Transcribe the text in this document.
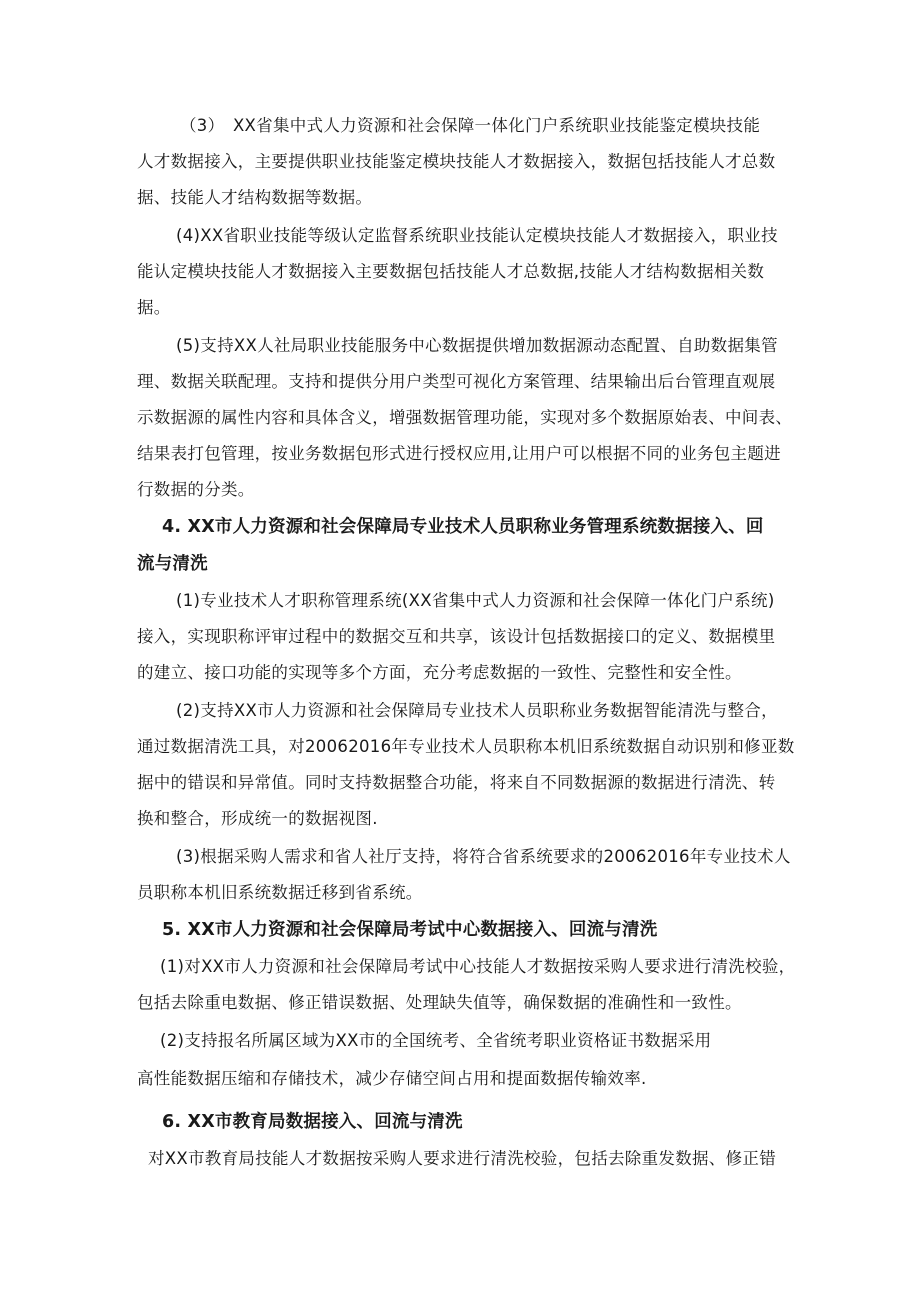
（3）　XX省集中式人力资源和社会保障一体化门户系统职业技能鉴定模块技能
人才数据接入，主要提供职业技能鉴定模块技能人才数据接入，数据包括技能人才总数
据、技能人才结构数据等数据。
(4)XX省职业技能等级认定监督系统职业技能认定模块技能人才数据接入，职业技
能认定模块技能人才数据接入主要数据包括技能人才总数据,技能人才结构数据相关数
据。
(5)支持XX人社局职业技能服务中心数据提供增加数据源动态配置、自助数据集管
理、数据关联配理。支持和提供分用户类型可视化方案管理、结果输出后台管理直观展
示数据源的属性内容和具体含义，增强数据管理功能，实现对多个数据原始表、中间表、
结果表打包管理，按业务数据包形式进行授权应用,让用户可以根据不同的业务包主题进
行数据的分类。
4. XX市人力资源和社会保障局专业技术人员职称业务管理系统数据接入、回
流与清洗
(1)专业技术人才职称管理系统(XX省集中式人力资源和社会保障一体化门户系统)
接入，实现职称评审过程中的数据交互和共享，该设计包括数据接口的定义、数据模里
的建立、接口功能的实现等多个方面，充分考虑数据的一致性、完整性和安全性。
(2)支持XX市人力资源和社会保障局专业技术人员职称业务数据智能清洗与整合，
通过数据清洗工具，对20062016年专业技术人员职称本机旧系统数据自动识别和修亚数
据中的错误和异常值。同时支持数据整合功能，将来自不同数据源的数据进行清洗、转
换和整合，形成统一的数据视图.
(3)根据采购人需求和省人社厅支持，将符合省系统要求的20062016年专业技术人
员职称本机旧系统数据迁移到省系统。
5. XX市人力资源和社会保障局考试中心数据接入、回流与清洗
(1)对XX市人力资源和社会保障局考试中心技能人才数据按采购人要求进行清洗校验，
包括去除重电数据、修正错误数据、处理缺失值等，确保数据的准确性和一致性。
(2)支持报名所属区域为XX市的全国统考、全省统考职业资格证书数据采用
高性能数据压缩和存储技术，减少存储空间占用和提面数据传输效率.
6. XX市教育局数据接入、回流与清洗
对XX市教育局技能人才数据按采购人要求进行清洗校验，包括去除重发数据、修正错
